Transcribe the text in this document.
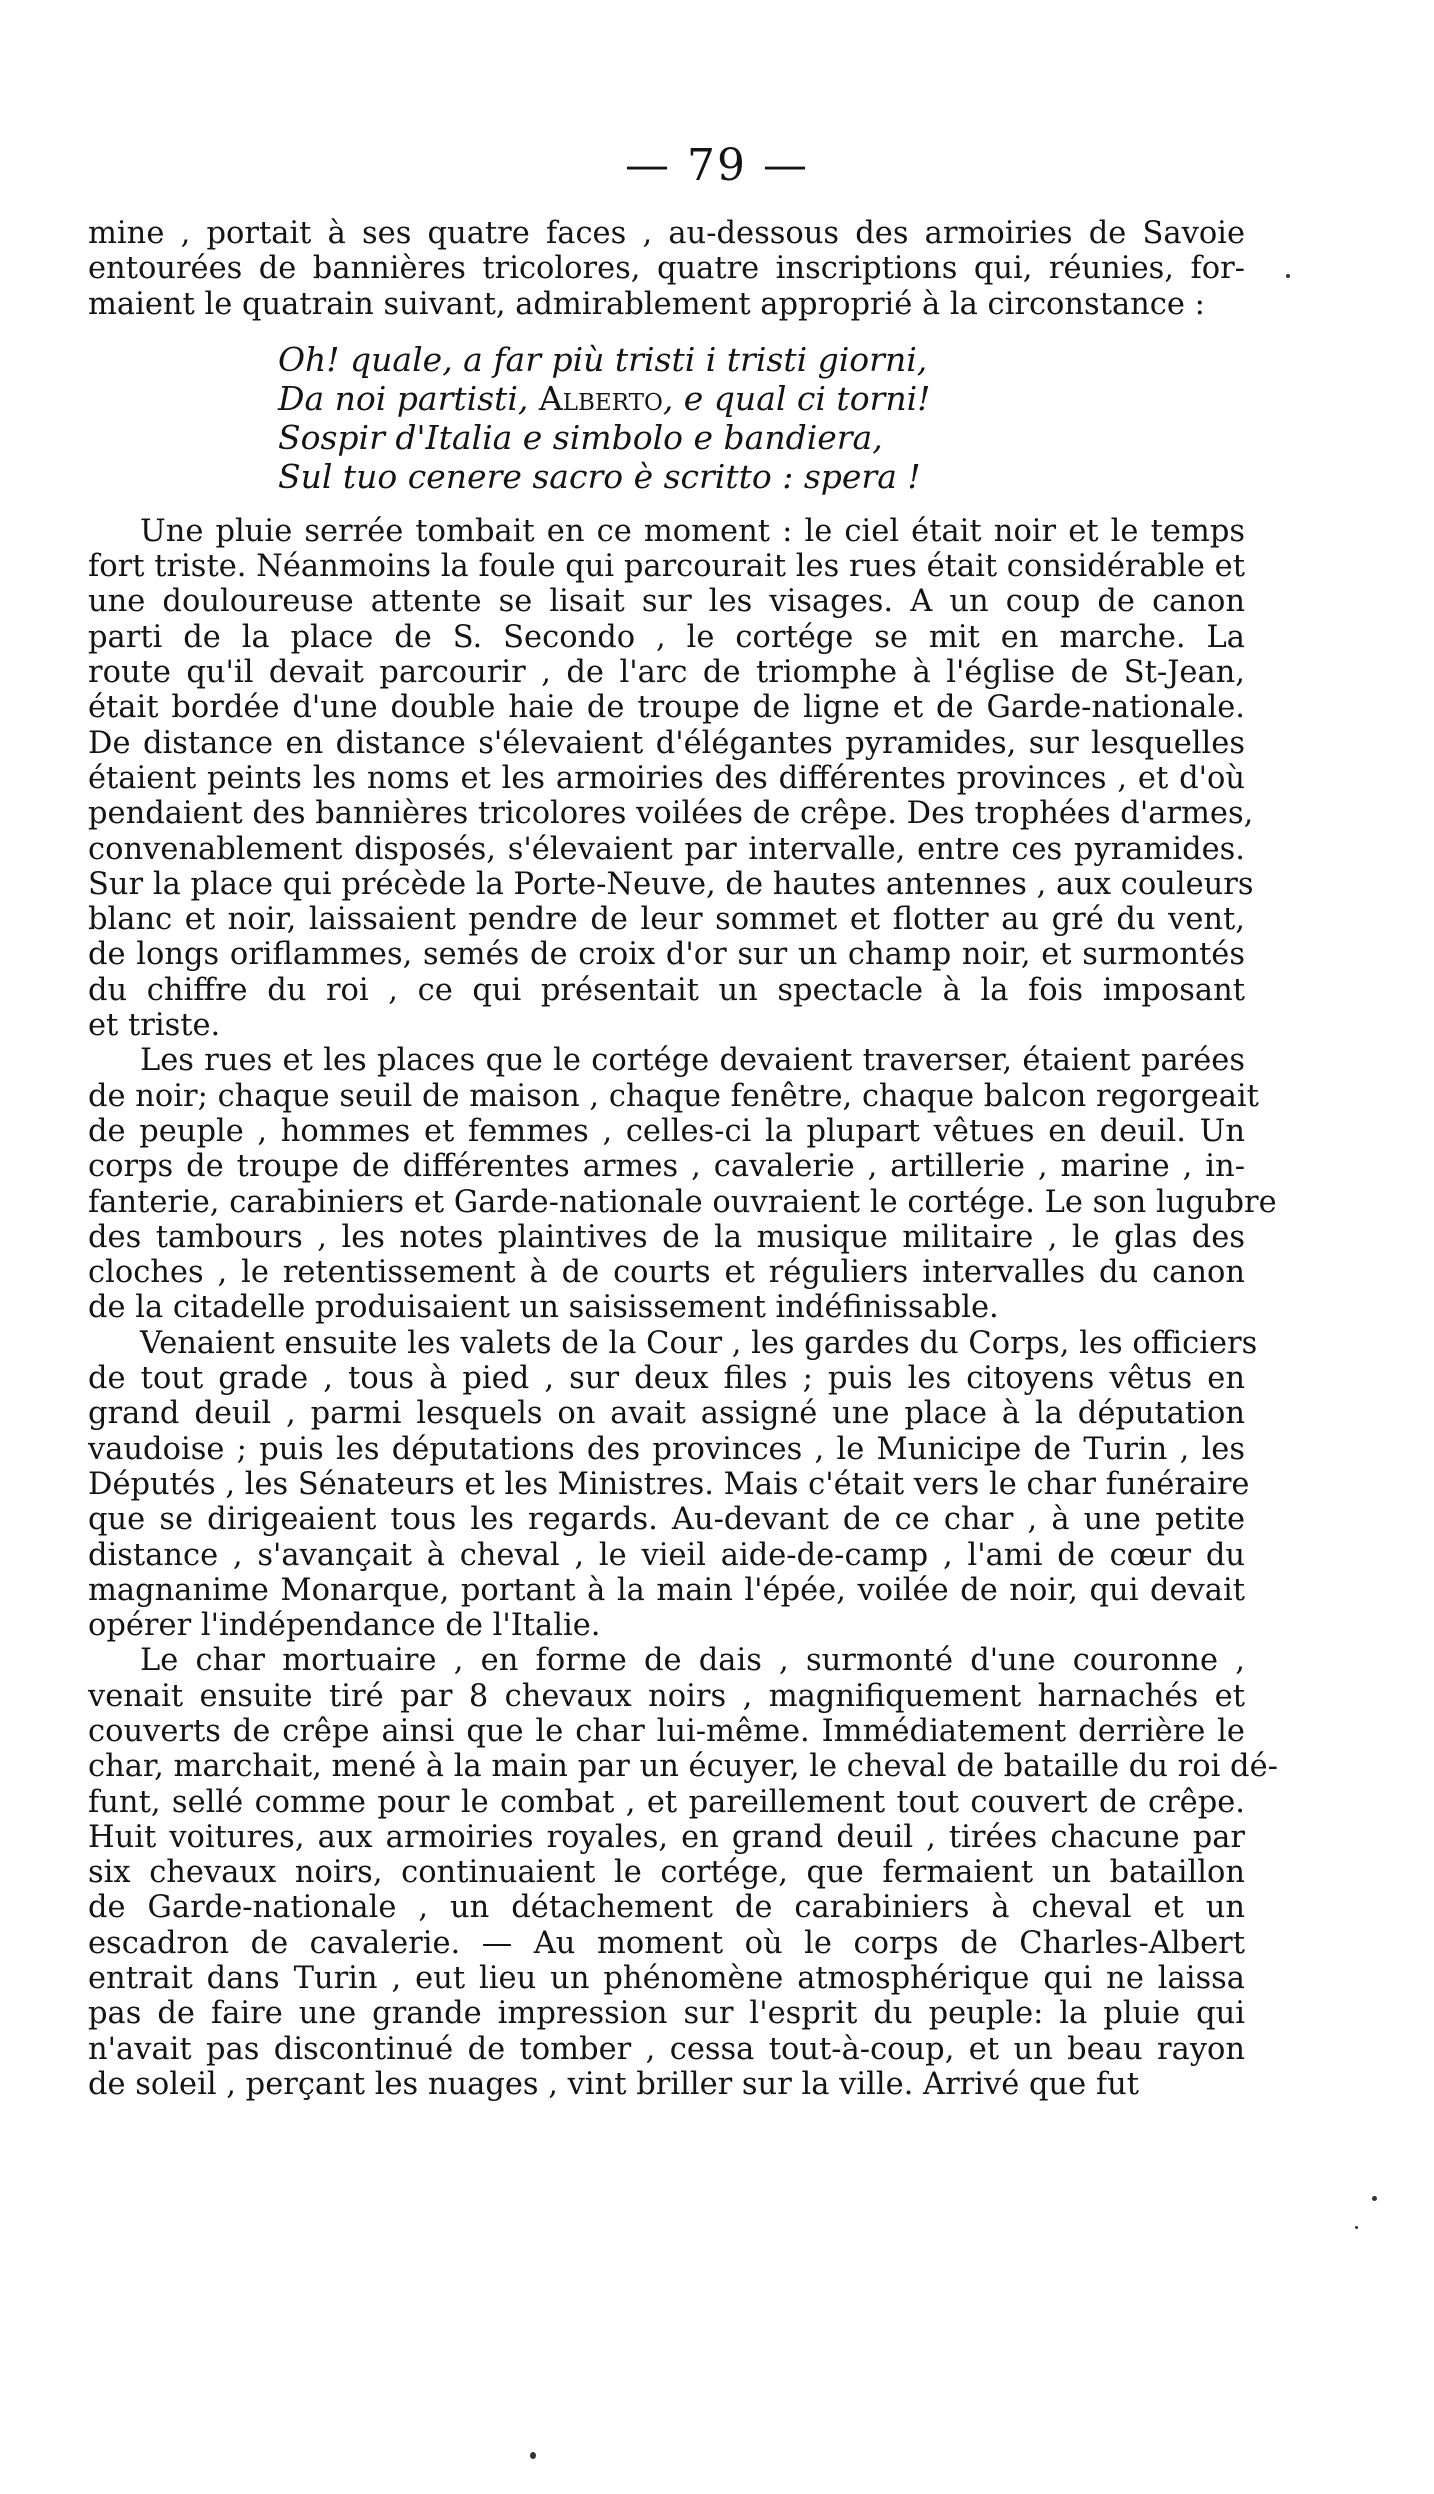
— 79 —

mine , portait à ses quatre faces , au-dessous des armoiries de Savoie
entourées de bannières tricolores, quatre inscriptions qui, réunies, for-
maient le quatrain suivant, admirablement approprié à la circonstance :

Oh! quale, a far più tristi i tristi giorni,
Da noi partisti, Alberto, e qual ci torni!
Sospir d'Italia e simbolo e bandiera,
Sul tuo cenere sacro è scritto : spera !

Une pluie serrée tombait en ce moment : le ciel était noir et le temps
fort triste. Néanmoins la foule qui parcourait les rues était considérable et
une douloureuse attente se lisait sur les visages. A un coup de canon
parti de la place de S. Secondo , le cortége se mit en marche. La
route qu'il devait parcourir , de l'arc de triomphe à l'église de St-Jean,
était bordée d'une double haie de troupe de ligne et de Garde-nationale.
De distance en distance s'élevaient d'élégantes pyramides, sur lesquelles
étaient peints les noms et les armoiries des différentes provinces , et d'où
pendaient des bannières tricolores voilées de crêpe. Des trophées d'armes,
convenablement disposés, s'élevaient par intervalle, entre ces pyramides.
Sur la place qui précède la Porte-Neuve, de hautes antennes , aux couleurs
blanc et noir, laissaient pendre de leur sommet et flotter au gré du vent,
de longs oriflammes, semés de croix d'or sur un champ noir, et surmontés
du chiffre du roi , ce qui présentait un spectacle à la fois imposant
et triste.

Les rues et les places que le cortége devaient traverser, étaient parées
de noir; chaque seuil de maison , chaque fenêtre, chaque balcon regorgeait
de peuple , hommes et femmes , celles-ci la plupart vêtues en deuil. Un
corps de troupe de différentes armes , cavalerie , artillerie , marine , in-
fanterie, carabiniers et Garde-nationale ouvraient le cortége. Le son lugubre
des tambours , les notes plaintives de la musique militaire , le glas des
cloches , le retentissement à de courts et réguliers intervalles du canon
de la citadelle produisaient un saisissement indéfinissable.

Venaient ensuite les valets de la Cour , les gardes du Corps, les officiers
de tout grade , tous à pied , sur deux files ; puis les citoyens vêtus en
grand deuil , parmi lesquels on avait assigné une place à la députation
vaudoise ; puis les députations des provinces , le Municipe de Turin , les
Députés , les Sénateurs et les Ministres. Mais c'était vers le char funéraire
que se dirigeaient tous les regards. Au-devant de ce char , à une petite
distance , s'avançait à cheval , le vieil aide-de-camp , l'ami de cœur du
magnanime Monarque, portant à la main l'épée, voilée de noir, qui devait
opérer l'indépendance de l'Italie.

Le char mortuaire , en forme de dais , surmonté d'une couronne ,
venait ensuite tiré par 8 chevaux noirs , magnifiquement harnachés et
couverts de crêpe ainsi que le char lui-même. Immédiatement derrière le
char, marchait, mené à la main par un écuyer, le cheval de bataille du roi dé-
funt, sellé comme pour le combat , et pareillement tout couvert de crêpe.
Huit voitures, aux armoiries royales, en grand deuil , tirées chacune par
six chevaux noirs, continuaient le cortége, que fermaient un bataillon
de Garde-nationale , un détachement de carabiniers à cheval et un
escadron de cavalerie. — Au moment où le corps de Charles-Albert
entrait dans Turin , eut lieu un phénomène atmosphérique qui ne laissa
pas de faire une grande impression sur l'esprit du peuple: la pluie qui
n'avait pas discontinué de tomber , cessa tout-à-coup, et un beau rayon
de soleil , perçant les nuages , vint briller sur la ville. Arrivé que fut
